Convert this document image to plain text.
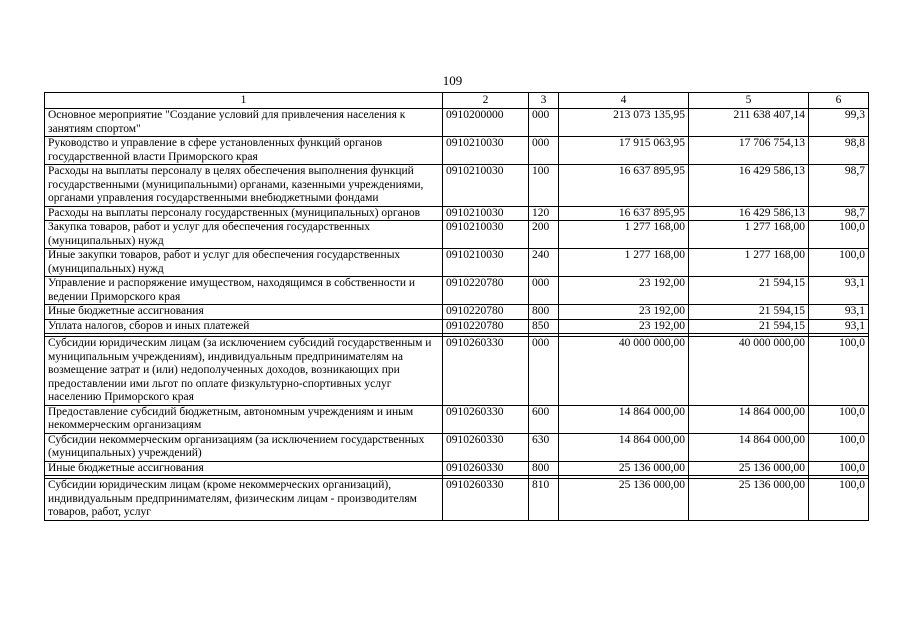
109
1	2	3	4	5	6
Основное мероприятие "Создание условий для привлечения населения к занятиям спортом"	0910200000	000	213 073 135,95	211 638 407,14	99,3
Руководство и управление в сфере установленных функций органов государственной власти Приморского края	0910210030	000	17 915 063,95	17 706 754,13	98,8
Расходы на выплаты персоналу в целях обеспечения выполнения функций государственными (муниципальными) органами, казенными учреждениями, органами управления государственными внебюджетными фондами	0910210030	100	16 637 895,95	16 429 586,13	98,7
Расходы на выплаты персоналу государственных (муниципальных) органов	0910210030	120	16 637 895,95	16 429 586,13	98,7
Закупка товаров, работ и услуг для обеспечения государственных (муниципальных) нужд	0910210030	200	1 277 168,00	1 277 168,00	100,0
Иные закупки товаров, работ и услуг для обеспечения государственных (муниципальных) нужд	0910210030	240	1 277 168,00	1 277 168,00	100,0
Управление и распоряжение имуществом, находящимся в собственности и ведении Приморского края	0910220780	000	23 192,00	21 594,15	93,1
Иные бюджетные ассигнования	0910220780	800	23 192,00	21 594,15	93,1
Уплата налогов, сборов и иных платежей	0910220780	850	23 192,00	21 594,15	93,1

Субсидии юридическим лицам (за исключением субсидий государственным и муниципальным учреждениям), индивидуальным предпринимателям на возмещение затрат и (или) недополученных доходов, возникающих при предоставлении ими льгот по оплате физкультурно-спортивных услуг населению Приморского края	0910260330	000	40 000 000,00	40 000 000,00	100,0
Предоставление субсидий бюджетным, автономным учреждениям и иным некоммерческим организациям	0910260330	600	14 864 000,00	14 864 000,00	100,0
Субсидии некоммерческим организациям (за исключением государственных (муниципальных) учреждений)	0910260330	630	14 864 000,00	14 864 000,00	100,0
Иные бюджетные ассигнования	0910260330	800	25 136 000,00	25 136 000,00	100,0

Субсидии юридическим лицам (кроме некоммерческих организаций), индивидуальным предпринимателям, физическим лицам - производителям товаров, работ, услуг	0910260330	810	25 136 000,00	25 136 000,00	100,0
